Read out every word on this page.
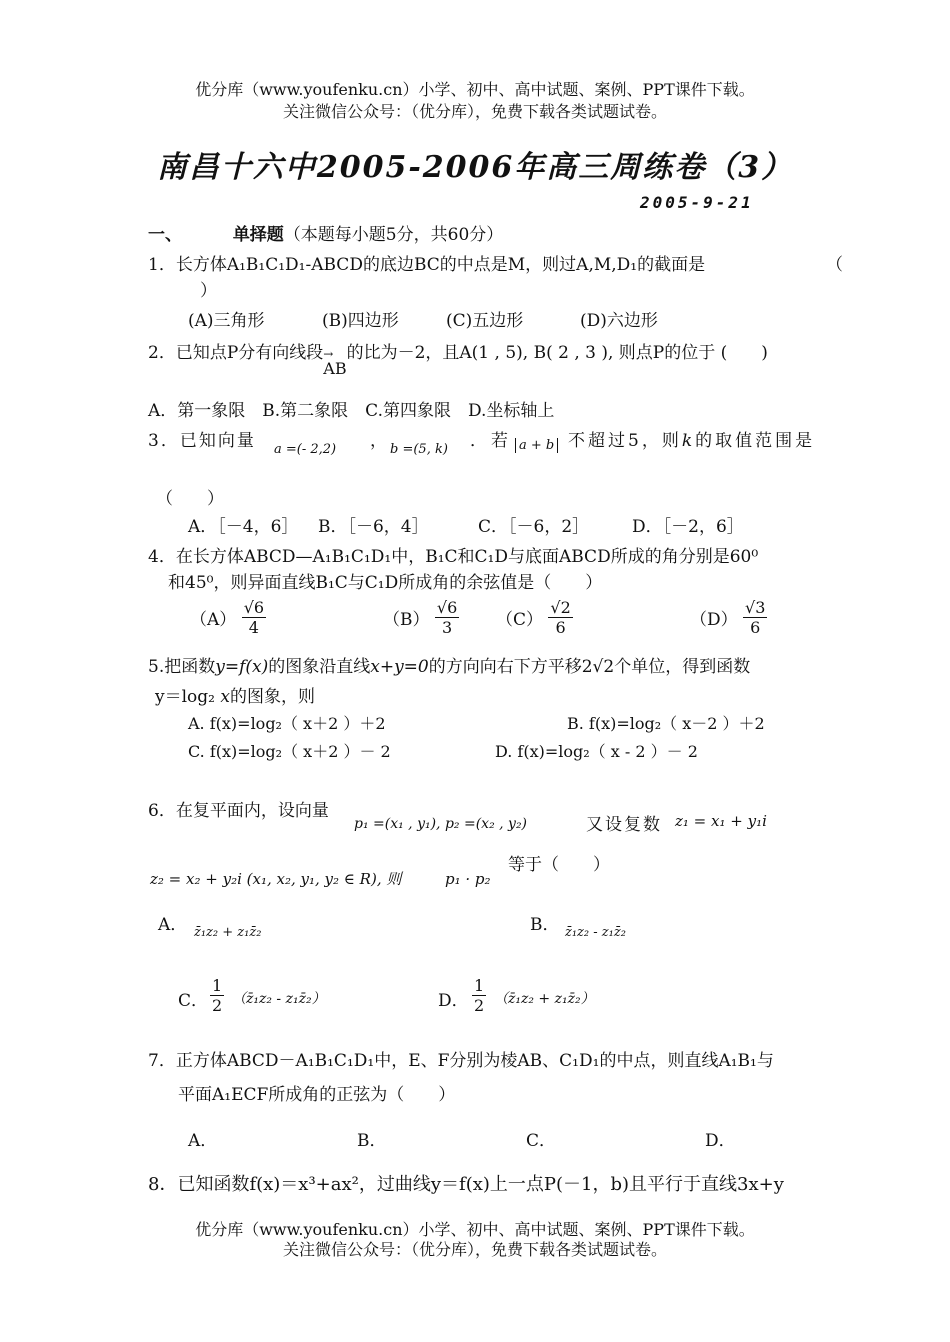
优分库（www.youfenku.cn）小学、初中、高中试题、案例、PPT课件下载。
关注微信公众号：（优分库），免费下载各类试题试卷。
南昌十六中2005-2006年高三周练卷（3）
2005-9-21
一、	单择题（本题每小题5分，共60分）
1．长方体A₁B₁C₁D₁-ABCD的底边BC的中点是M，则过A,M,D₁的截面是	（
）
(A)三角形	(B)四边形	(C)五边形	(D)六边形
2．已知点P分有向线段→ AB的比为－2，且A(1 , 5), B( 2 , 3 ), 则点P的位于 (　　)
A．第一象限　B.第二象限　C.第四象限　D.坐标轴上
3．已知向量 a =(- 2,2) ， b =(5, k) ．若 a + b 不超过5，则k的取值范围是
（　　）
A．［－4，6］ B．［－6，4］	C．［－6，2］	D．［－2，6］
4．在长方体ABCD—A₁B₁C₁D₁中，B₁C和C₁D与底面ABCD所成的角分别是60⁰
和45⁰，则异面直线B₁C与C₁D所成角的余弦值是（　　）
$(A) \frac{√6}{4}$	$(B) \frac{√6}{3} (C) \frac{√2}{6}$	$(D) \frac{√3}{6}$
5.把函数y=f(x)的图象沿直线x+y=0的方向向右下方平移2√2个单位，得到函数
y＝log₂ x的图象，则
A. f(x)=log₂（ x＋2 ）＋2	B. f(x)=log₂（ x－2 ）＋2
C. f(x)=log₂（ x＋2 ）－ 2	D. f(x)=log₂（ x - 2 ）－ 2
6．在复平面内，设向量
p₁ =(x₁ , y₁), p₂ =(x₂ , y₂)	又设复数 z₁ = x₁ + y₁i
z₂ = x₂ + y₂i (x₁, x₂, y₁, y₂ ∈ R), 则	p₁ · p₂
等于（　　）
A． z̄₁z₂ + z₁z̄₂	B． z̄₁z₂ - z₁z̄₂
C． $\frac{1}{2}$ （z̄₁z₂ - z₁z̄₂）	D． $\frac{1}{2}$ （z̄₁z₂ + z₁z̄₂）
7．正方体ABCD－A₁B₁C₁D₁中，E、F分别为棱AB、C₁D₁的中点，则直线A₁B₁与
平面A₁ECF所成角的正弦为（　　）
A．	B．	C．	D．
8．已知函数f(x)＝x³+ax²，过曲线y＝f(x)上一点P(－1，b)且平行于直线3x+y
优分库（www.youfenku.cn）小学、初中、高中试题、案例、PPT课件下载。
关注微信公众号：（优分库），免费下载各类试题试卷。
